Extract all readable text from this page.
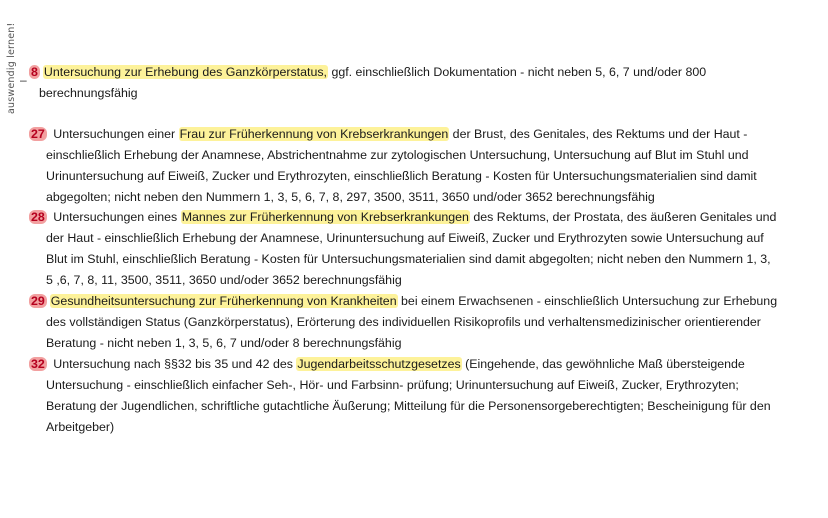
auswendig lernen! –
8 Untersuchung zur Erhebung des Ganzkörperstatus, ggf. einschließlich Dokumentation - nicht neben 5, 6, 7 und/oder 800
berechnungsfähig
27 Untersuchungen einer Frau zur Früherkennung von Krebserkrankungen der Brust, des Genitales, des Rektums und der Haut -
einschließlich Erhebung der Anamnese, Abstrichentnahme zur zytologischen Untersuchung, Untersuchung auf Blut im Stuhl und
Urinuntersuchung auf Eiweiß, Zucker und Erythrozyten, einschließlich Beratung - Kosten für Untersuchungsmaterialien sind damit
abgegolten; nicht neben den Nummern 1, 3, 5, 6, 7, 8, 297, 3500, 3511, 3650 und/oder 3652 berechnungsfähig
28 Untersuchungen eines Mannes zur Früherkennung von Krebserkrankungen des Rektums, der Prostata, des äußeren Genitales und
der Haut - einschließlich Erhebung der Anamnese, Urinuntersuchung auf Eiweiß, Zucker und Erythrozyten sowie Untersuchung auf
Blut im Stuhl, einschließlich Beratung - Kosten für Untersuchungsmaterialien sind damit abgegolten; nicht neben den Nummern 1, 3,
5 ,6, 7, 8, 11, 3500, 3511, 3650 und/oder 3652 berechnungsfähig
29 Gesundheitsuntersuchung zur Früherkennung von Krankheiten bei einem Erwachsenen - einschließlich Untersuchung zur Erhebung
des vollständigen Status (Ganzkörperstatus), Erörterung des individuellen Risikoprofils und verhaltensmedizinischer orientierender
Beratung - nicht neben 1, 3, 5, 6, 7 und/oder 8 berechnungsfähig
32 Untersuchung nach §§32 bis 35 und 42 des Jugendarbeitsschutzgesetzes (Eingehende, das gewöhnliche Maß übersteigende
Untersuchung - einschließlich einfacher Seh-, Hör- und Farbsinn- prüfung; Urinuntersuchung auf Eiweiß, Zucker, Erythrozyten;
Beratung der Jugendlichen, schriftliche gutachtliche Äußerung; Mitteilung für die Personensorgeberechtigten; Bescheinigung für den
Arbeitgeber)
